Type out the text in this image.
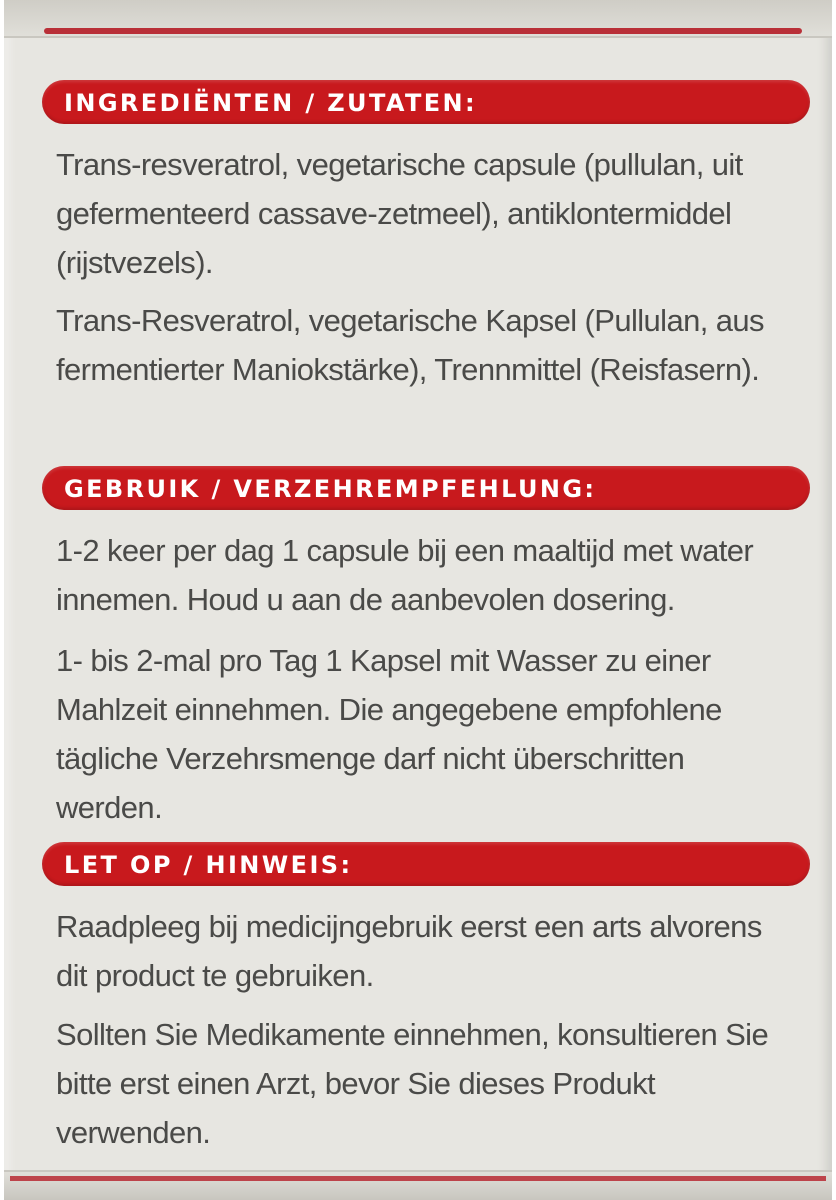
INGREDIËNTEN / ZUTATEN:
Trans-resveratrol, vegetarische capsule (pullulan, uit gefermenteerd cassave-zetmeel), antiklontermiddel (rijstvezels).
Trans-Resveratrol, vegetarische Kapsel (Pullulan, aus fermentierter Maniokstärke), Trennmittel (Reisfasern).
GEBRUIK / VERZEHREMPFEHLUNG:
1-2 keer per dag 1 capsule bij een maaltijd met water innemen. Houd u aan de aanbevolen dosering.
1- bis 2-mal pro Tag 1 Kapsel mit Wasser zu einer Mahlzeit einnehmen. Die angegebene empfohlene tägliche Verzehrsmenge darf nicht überschritten werden.
LET OP / HINWEIS:
Raadpleeg bij medicijngebruik eerst een arts alvorens dit product te gebruiken.
Sollten Sie Medikamente einnehmen, konsultieren Sie bitte erst einen Arzt, bevor Sie dieses Produkt verwenden.
